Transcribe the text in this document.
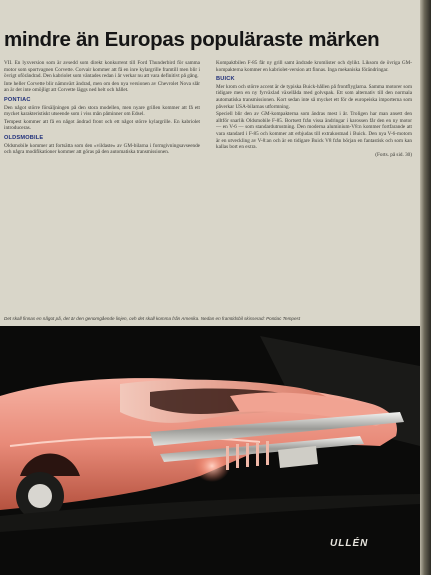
mindre än Europas populäraste märken

VII. En lyxversion som är avsedd som direkt konkurrent till Ford Thunderbird för samma motor som sportvagnen Corvette. Corvair kommer att få en inre kylargrille framtill men blir i övrigt oförändrad. Den kabriolet som väntades redan i år verkar nu att vara definitivt på gång.

Inte heller Corvette blir nämnvärt ändrad, men om den nya versionen av Chevrolet Nova slår an är det inte omöjligt att Corvette läggs ned helt och hållet.

PONTIAC

Den något större försäljningen på den stora modellen, men nyare grillen kommer att få ett mycket karakteristiskt utseende som i viss mån påminner om Edsel.

Tempest kommer att få en något ändrad front och ett något större kylargrille. En kabriolet introduceras.

OLDSMOBILE

Oldsmobile kommer att fortsätta som den »vildaste» av GM-bilarna i formgivningsavseende och några modifikationer kommer att göras på den automatiska transmissionen.

Kompaktbilen F-85 får ny grill samt ändrade kromlister och dylikt. Liksom de övriga GM-kompakterna kommer en kabriolet-version att finnas. Inga mekaniska förändringar.

BUICK

Mer krom och större accent är de typiska Buick-hållen på frontflyglarna. Samma motorer som tidigare men en ny fyrväxlad växellåda med golvspak. Ett som alternativ till den normala automatiska transmissionen. Kort sedan inte så mycket ett för de europeiska importerna som påverkar USA-bilarnas utformning.

Speciell blir den av GM-kompakterna som ändras mest i år. Troligen har man ansett den alltför snarlik Oldsmobile F-85. Bortsett från vissa ändringar i karossen får den en ny motor — en V-6 — som standardutrustning. Den moderna aluminium-V8:n kommer fortfarande att vara standard i F-85 och kommer att erbjudas till extrakostnad i Buick. Den nya V-6-motorn är en utveckling av V-8:an och är en tidigare Buick V8 från början en fantastisk och som kan kallas bort en extra.

(Forts. på sid. 30)

Det skall finnas en något på, det är den genomgående linjen, ovh det skall komma från Amerika. Nedan en framtidsbil skisserad: Pontiac Tempest
ULLÉN
